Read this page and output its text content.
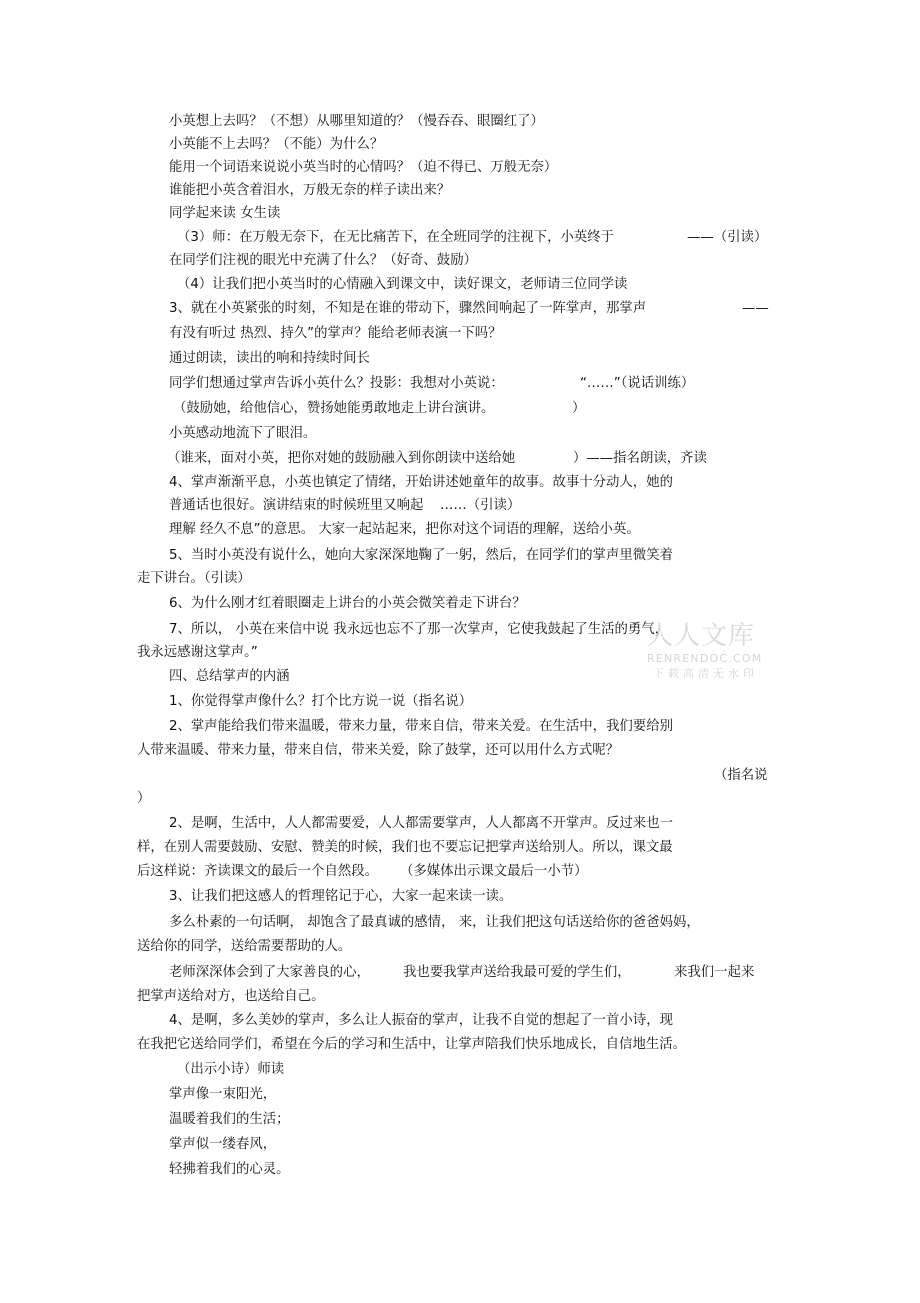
小英想上去吗？（不想）从哪里知道的？（慢吞吞、眼圈红了）

小英能不上去吗？（不能）为什么？

能用一个词语来说说小英当时的心情吗？（迫不得已、万般无奈）

谁能把小英含着泪水，万般无奈的样子读出来？

同学起来读 女生读

（3）师：在万般无奈下，在无比痛苦下，在全班同学的注视下，小英终于	——（引读）

在同学们注视的眼光中充满了什么？（好奇、鼓励）

（4）让我们把小英当时的心情融入到课文中，读好课文，老师请三位同学读

3、就在小英紧张的时刻，不知是在谁的带动下，骤然间响起了一阵掌声，那掌声	——

有没有听过 热烈、持久”的掌声？能给老师表演一下吗？

通过朗读，读出的响和持续时间长

同学们想通过掌声告诉小英什么？投影：我想对小英说：	“……”（说话训练）
（鼓励她，给他信心，赞扬她能勇敢地走上讲台演讲。	）

小英感动地流下了眼泪。

（谁来，面对小英，把你对她的鼓励融入到你朗读中送给她	）——指名朗读，齐读

4、掌声渐渐平息，小英也镇定了情绪，开始讲述她童年的故事。故事十分动人，她的

普通话也很好。演讲结束的时候班里又响起 ……（引读）

理解 经久不息”的意思。 大家一起站起来，把你对这个词语的理解，送给小英。

5、当时小英没有说什么，她向大家深深地鞠了一躬，然后，在同学们的掌声里微笑着

走下讲台。（引读）

6、为什么刚才红着眼圈走上讲台的小英会微笑着走下讲台？

7、所以， 小英在来信中说 我永远也忘不了那一次掌声，它使我鼓起了生活的勇气，

我永远感谢这掌声。”

四、总结掌声的内涵

1、你觉得掌声像什么？打个比方说一说（指名说）

2、掌声能给我们带来温暖，带来力量，带来自信，带来关爱。在生活中，我们要给别

人带来温暖、带来力量，带来自信，带来关爱，除了鼓掌，还可以用什么方式呢？

（指名说

）

2、是啊，生活中，人人都需要爱，人人都需要掌声，人人都离不开掌声。反过来也一

样，在别人需要鼓励、安慰、赞美的时候，我们也不要忘记把掌声送给别人。所以，课文最

后这样说：齐读课文的最后一个自然段。 （多媒体出示课文最后一小节）

3、让我们把这感人的哲理铭记于心，大家一起来读一读。

多么朴素的一句话啊， 却饱含了最真诚的感情， 来，让我们把这句话送给你的爸爸妈妈，

送给你的同学，送给需要帮助的人。

老师深深体会到了大家善良的心， 我也要我掌声送给我最可爱的学生们，	来我们一起来

把掌声送给对方，也送给自己。

4、是啊，多么美妙的掌声，多么让人振奋的掌声，让我不自觉的想起了一首小诗，现

在我把它送给同学们，希望在今后的学习和生活中，让掌声陪我们快乐地成长，自信地生活。

（出示小诗）师读

掌声像一束阳光，

温暖着我们的生活；

掌声似一缕春风，

轻拂着我们的心灵。

人人文库
RENRENDOC.COM
下载高清无水印
